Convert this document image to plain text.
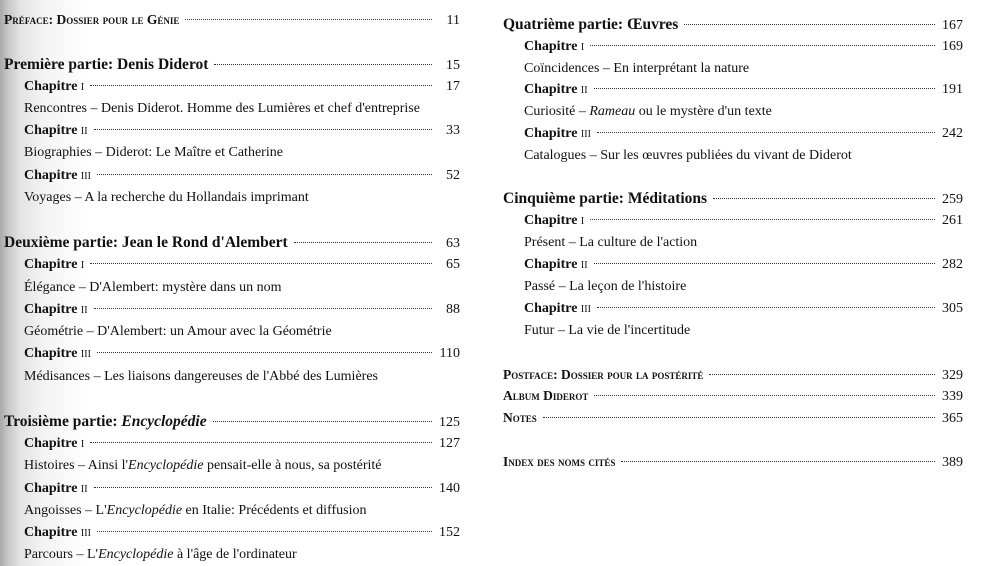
Préface: Dossier pour le Génie	11
Première partie: Denis Diderot	15
Chapitre i	17
Rencontres – Denis Diderot. Homme des Lumières et chef d'entreprise
Chapitre ii	33
Biographies – Diderot: Le Maître et Catherine
Chapitre iii	52
Voyages – A la recherche du Hollandais imprimant
Deuxième partie: Jean le Rond d'Alembert	63
Chapitre i	65
Élégance – D'Alembert: mystère dans un nom
Chapitre ii	88
Géométrie – D'Alembert: un Amour avec la Géométrie
Chapitre iii	110
Médisances – Les liaisons dangereuses de l'Abbé des Lumières
Troisième partie: Encyclopédie	125
Chapitre i	127
Histoires – Ainsi l'Encyclopédie pensait-elle à nous, sa postérité
Chapitre ii	140
Angoisses – L'Encyclopédie en Italie: Précédents et diffusion
Chapitre iii	152
Parcours – L'Encyclopédie à l'âge de l'ordinateur
Quatrième partie: Œuvres	167
Chapitre i	169
Coïncidences – En interprétant la nature
Chapitre ii	191
Curiosité – Rameau ou le mystère d'un texte
Chapitre iii	242
Catalogues – Sur les œuvres publiées du vivant de Diderot
Cinquième partie: Méditations	259
Chapitre i	261
Présent – La culture de l'action
Chapitre ii	282
Passé – La leçon de l'histoire
Chapitre iii	305
Futur – La vie de l'incertitude
Postface: Dossier pour la postérité	329
Album Diderot	339
Notes	365
Index des noms cités	389
